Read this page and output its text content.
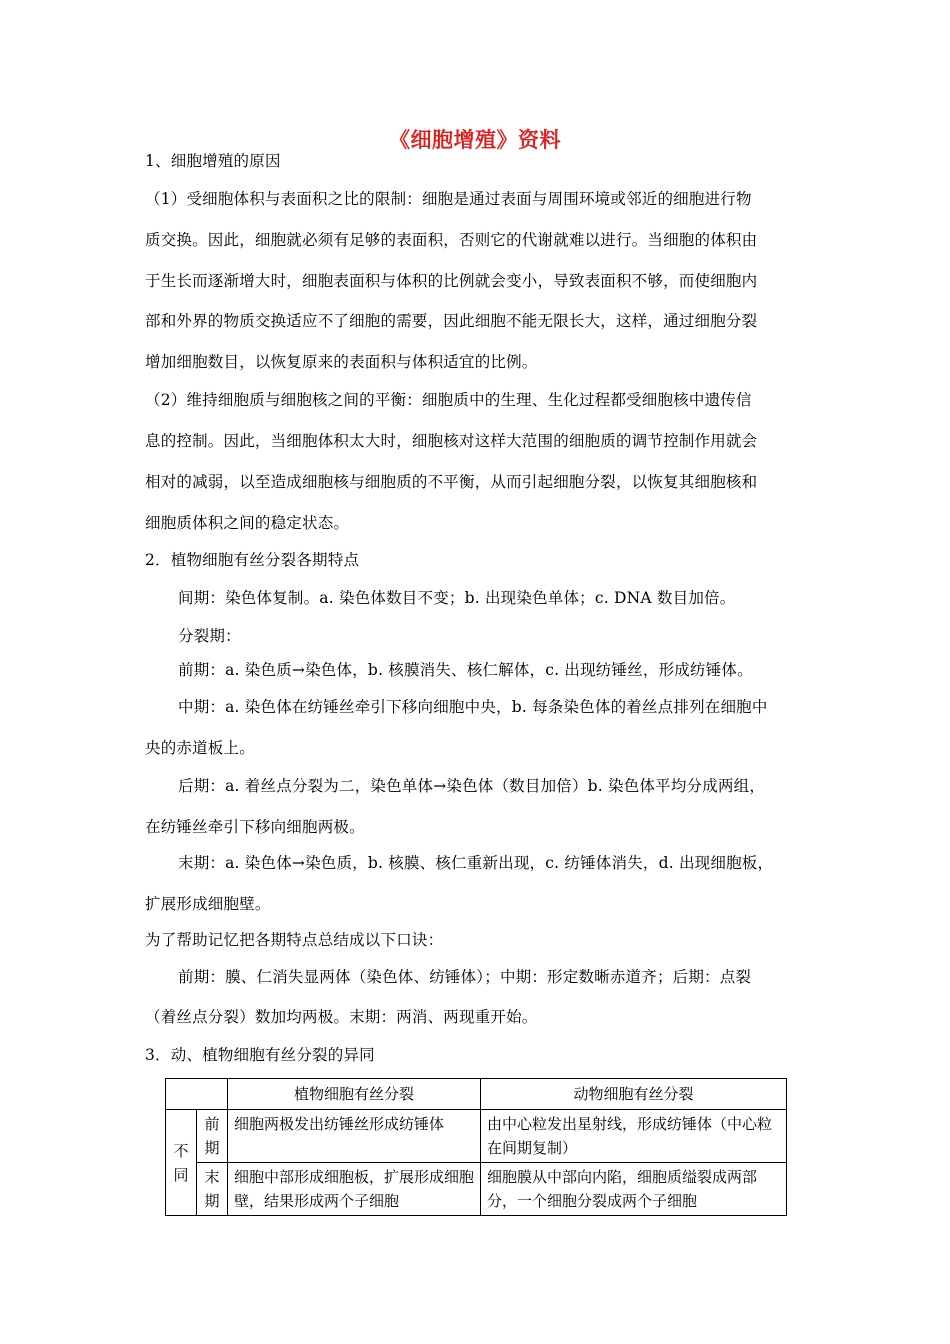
《细胞增殖》资料
1、细胞增殖的原因
（1）受细胞体积与表面积之比的限制：细胞是通过表面与周围环境或邻近的细胞进行物
质交换。因此，细胞就必须有足够的表面积，否则它的代谢就难以进行。当细胞的体积由
于生长而逐渐增大时，细胞表面积与体积的比例就会变小，导致表面积不够，而使细胞内
部和外界的物质交换适应不了细胞的需要，因此细胞不能无限长大，这样，通过细胞分裂
增加细胞数目，以恢复原来的表面积与体积适宜的比例。
（2）维持细胞质与细胞核之间的平衡：细胞质中的生理、生化过程都受细胞核中遗传信
息的控制。因此，当细胞体积太大时，细胞核对这样大范围的细胞质的调节控制作用就会
相对的减弱，以至造成细胞核与细胞质的不平衡，从而引起细胞分裂，以恢复其细胞核和
细胞质体积之间的稳定状态。
2．植物细胞有丝分裂各期特点
间期：染色体复制。a. 染色体数目不变；b. 出现染色单体；c. DNA 数目加倍。
分裂期：
前期：a. 染色质→染色体，b. 核膜消失、核仁解体，c. 出现纺锤丝，形成纺锤体。
中期：a. 染色体在纺锤丝牵引下移向细胞中央，b. 每条染色体的着丝点排列在细胞中
央的赤道板上。
后期：a. 着丝点分裂为二，染色单体→染色体（数目加倍）b. 染色体平均分成两组，
在纺锤丝牵引下移向细胞两极。
末期：a. 染色体→染色质，b. 核膜、核仁重新出现，c. 纺锤体消失，d. 出现细胞板，
扩展形成细胞壁。
为了帮助记忆把各期特点总结成以下口诀：
前期：膜、仁消失显两体（染色体、纺锤体）；中期：形定数晰赤道齐；后期：点裂
（着丝点分裂）数加均两极。末期：两消、两现重开始。
3．动、植物细胞有丝分裂的异同
		植物细胞有丝分裂	动物细胞有丝分裂
不同	前期	细胞两极发出纺锤丝形成纺锤体	由中心粒发出星射线，形成纺锤体（中心粒在间期复制）
	末期	细胞中部形成细胞板，扩展形成细胞壁，结果形成两个子细胞	细胞膜从中部向内陷，细胞质缢裂成两部分，一个细胞分裂成两个子细胞
